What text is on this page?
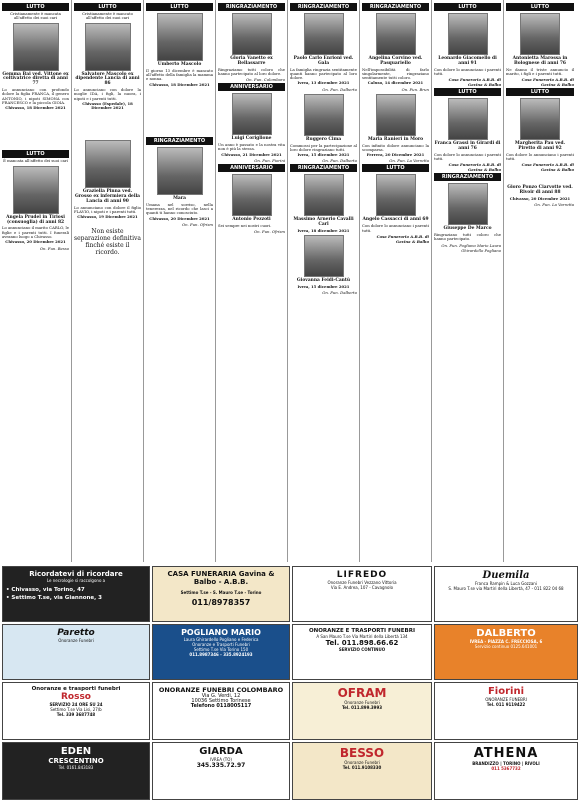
LUTTO
Cristianamente è mancata all'affetto dei suoi cari
Gemma Bai ved. Vittone ex coltivatrice diretta di anni 77
Lo annunciano con profondo dolore la figlia FRANCA, il genero ANTONIO, i nipoti SIMONA con FRANCESCO e la piccola GIOIA.
Chivasso, 18 Dicembre 2021
LUTTO
È mancata all'affetto dei suoi cari
Angela Prudel in Tiriosi (consuoglia) di anni 82
Lo annunciano il marito CARLO, le figlie e i parenti tutti. I funerali avranno luogo a Chivasso.
Chivasso, 20 Dicembre 2021
On. Fun. Besso
LUTTO
Cristianamente è mancato all'affetto dei suoi cari
Salvatore Mascolo ex dipendente Lancia di anni 86
Lo annunciano con dolore la moglie IDA, i figli, la nuora, i nipoti e i parenti tutti.
Chivasso (Espedale), 18 Dicembre 2021
Graziella Pinna ved. Grosso ex infermiera della Lancia di anni 90
Lo annunciano con dolore il figlio FLAVIO, i nipoti e i parenti tutti.
Chivasso, 19 Dicembre 2021
Non esiste separazione definitiva finché esiste il ricordo.
LUTTO
Umberto Mascolo
Il giorno 13 dicembre è mancato all'affetto della famiglia la mamma e nonna.
Chivasso, 18 Dicembre 2021
RINGRAZIAMENTO
Mara
Umana nel sorriso, nella tenerezza, nel ricordo che lasci a quanti ti hanno conosciuto.
Chivasso, 20 Dicembre 2021
On. Fun. Ofrism
RINGRAZIAMENTO
Gloria Vanetto ex Bellassarre
Ringraziamo tutti coloro che hanno partecipato al loro dolore.
On. Fun. Colombaro
ANNIVERSARIO
Luigi Coriglione
Un anno è passato e la nostra vita non è più la stessa.
Chivasso, 21 Dicembre 2021
On. Fun. Fiorini
ANNIVERSARIO
Antonio Pezzoti
Sei sempre nei nostri cuori.
On. Fun. Ofrism
RINGRAZIAMENTO
Paolo Carlo Enrioni ved. Gala
La famiglia ringrazia sentitamente quanti hanno partecipato al loro dolore.
Ivrea, 13 dicembre 2021
On. Fun. Dalberto
Ruggero Cima
Commossi per la partecipazione al loro dolore ringraziano tutti.
Ivrea, 15 dicembre 2021
On. Fun. Dalberto
RINGRAZIAMENTO
Massimo Arnerio Cavalli Carl
Ivrea, 18 dicembre 2021
Giovanna Feidi-Cantù
Ivrea, 15 dicembre 2021
On. Fun. Dalberto
RINGRAZIAMENTO
Angelina Corvino ved. Pasquariello
Nell'impossibilità di farlo singolarmente, ringraziano sentitamente tutti coloro.
Caluso, 14 dicembre 2021
On. Fun. Brun
Maria Ranieri in Moro
Con infinito dolore annunciano la scomparsa.
Ferrera, 20 Dicembre 2021
On. Fun. La Varretta
LUTTO
Angelo Cassacci di anni 69
Con dolore lo annunciano i parenti tutti.
Casa Funeraria A.B.B. di Gavina & Balbo
LUTTO
Leonardo Giacomello di anni 91
Con dolore lo annunciano i parenti tutti.
Casa Funeraria A.B.B. di Gavina & Balbo
LUTTO
Franca Grassi in Girardi di anni 76
Con dolore lo annunciano i parenti tutti.
Casa Funeraria A.B.B. di Gavina & Balbo
RINGRAZIAMENTO
Giuseppe De Marco
Ringraziano tutti coloro che hanno partecipato.
On. Fun. Pogliano Mario Laura Ghirardello Pogliano
LUTTO
Antonietta Marossa in Bolognese di anni 76
Ne danno il triste annuncio il marito, i figli e i parenti tutti.
Casa Funeraria A.B.B. di Gavina & Balbo
LUTTO
Margherita Pau ved. Piretto di anni 92
Con dolore lo annunciano i parenti tutti.
Casa Funeraria A.B.B. di Gavina & Balbo
Gioro Ponzo Ciarvotte ved. Rivoir di anni 88
Chivasso, 20 Dicembre 2021
On. Fun. La Varretta
Ricordatevi di ricordare
Le necrologie si raccolgono a
• Chivasso, via Torino, 47
• Settimo T.se, via Giannone, 3
CASA FUNERARIA Gavina & Balbo - A.B.B.
Settimo T.se - S. Mauro T.se - Torino
011/8978357
LIFREDO
Onoranze Funebri Vezzano Vittoria
Via E. Andrea, 107 - Cavagnolo
Duemila
Franca Rampin & Luca Gozzani
S. Mauro T.se via Martiri della Libertà, 47 - 011 822 04 68
Paretto
Onoranze Funebri
POGLIANO MARIO
Laura Ghirardello Pogliano e Federica
Onoranze e Trasporti Funebri
Settimo T.se Via Torino 150
011.8987346 - 335.8924193
ONORANZE E TRASPORTI FUNEBRI
A San Mauro T.se Via Martiri della Libertà 134
Tel. 011.898.66.62
SERVIZIO CONTINUO
DALBERTO
IVREA - PIAZZA C. FRECCIOSA, 6
Servizio continuo 0125.641001
Onoranze e trasporti funebri
Rosso
SERVIZIO 24 ORE SU 24
Settimo T.se Via Lisi, 27/b
Tel. 339 3687748
ONORANZE FUNEBRI COLOMBARO
Via G. Verdi, 12
10036 Settimo Torinese
Telefono 0118005117
OFRAM
Onoranze Funebri
Tel. 011.899.3993
Fiorini
ONORANZE FUNEBRI
Tel. 011 9119422
EDEN
CRESCENTINO
Tel. 0161.843183
GIARDA
IVREA (TO)
345.335.72.97
BESSO
Onoranze Funebri
Tel. 011.9108330
ATHENA
BRANDIZZO | TORINO | RIVOLI
011 5367732
